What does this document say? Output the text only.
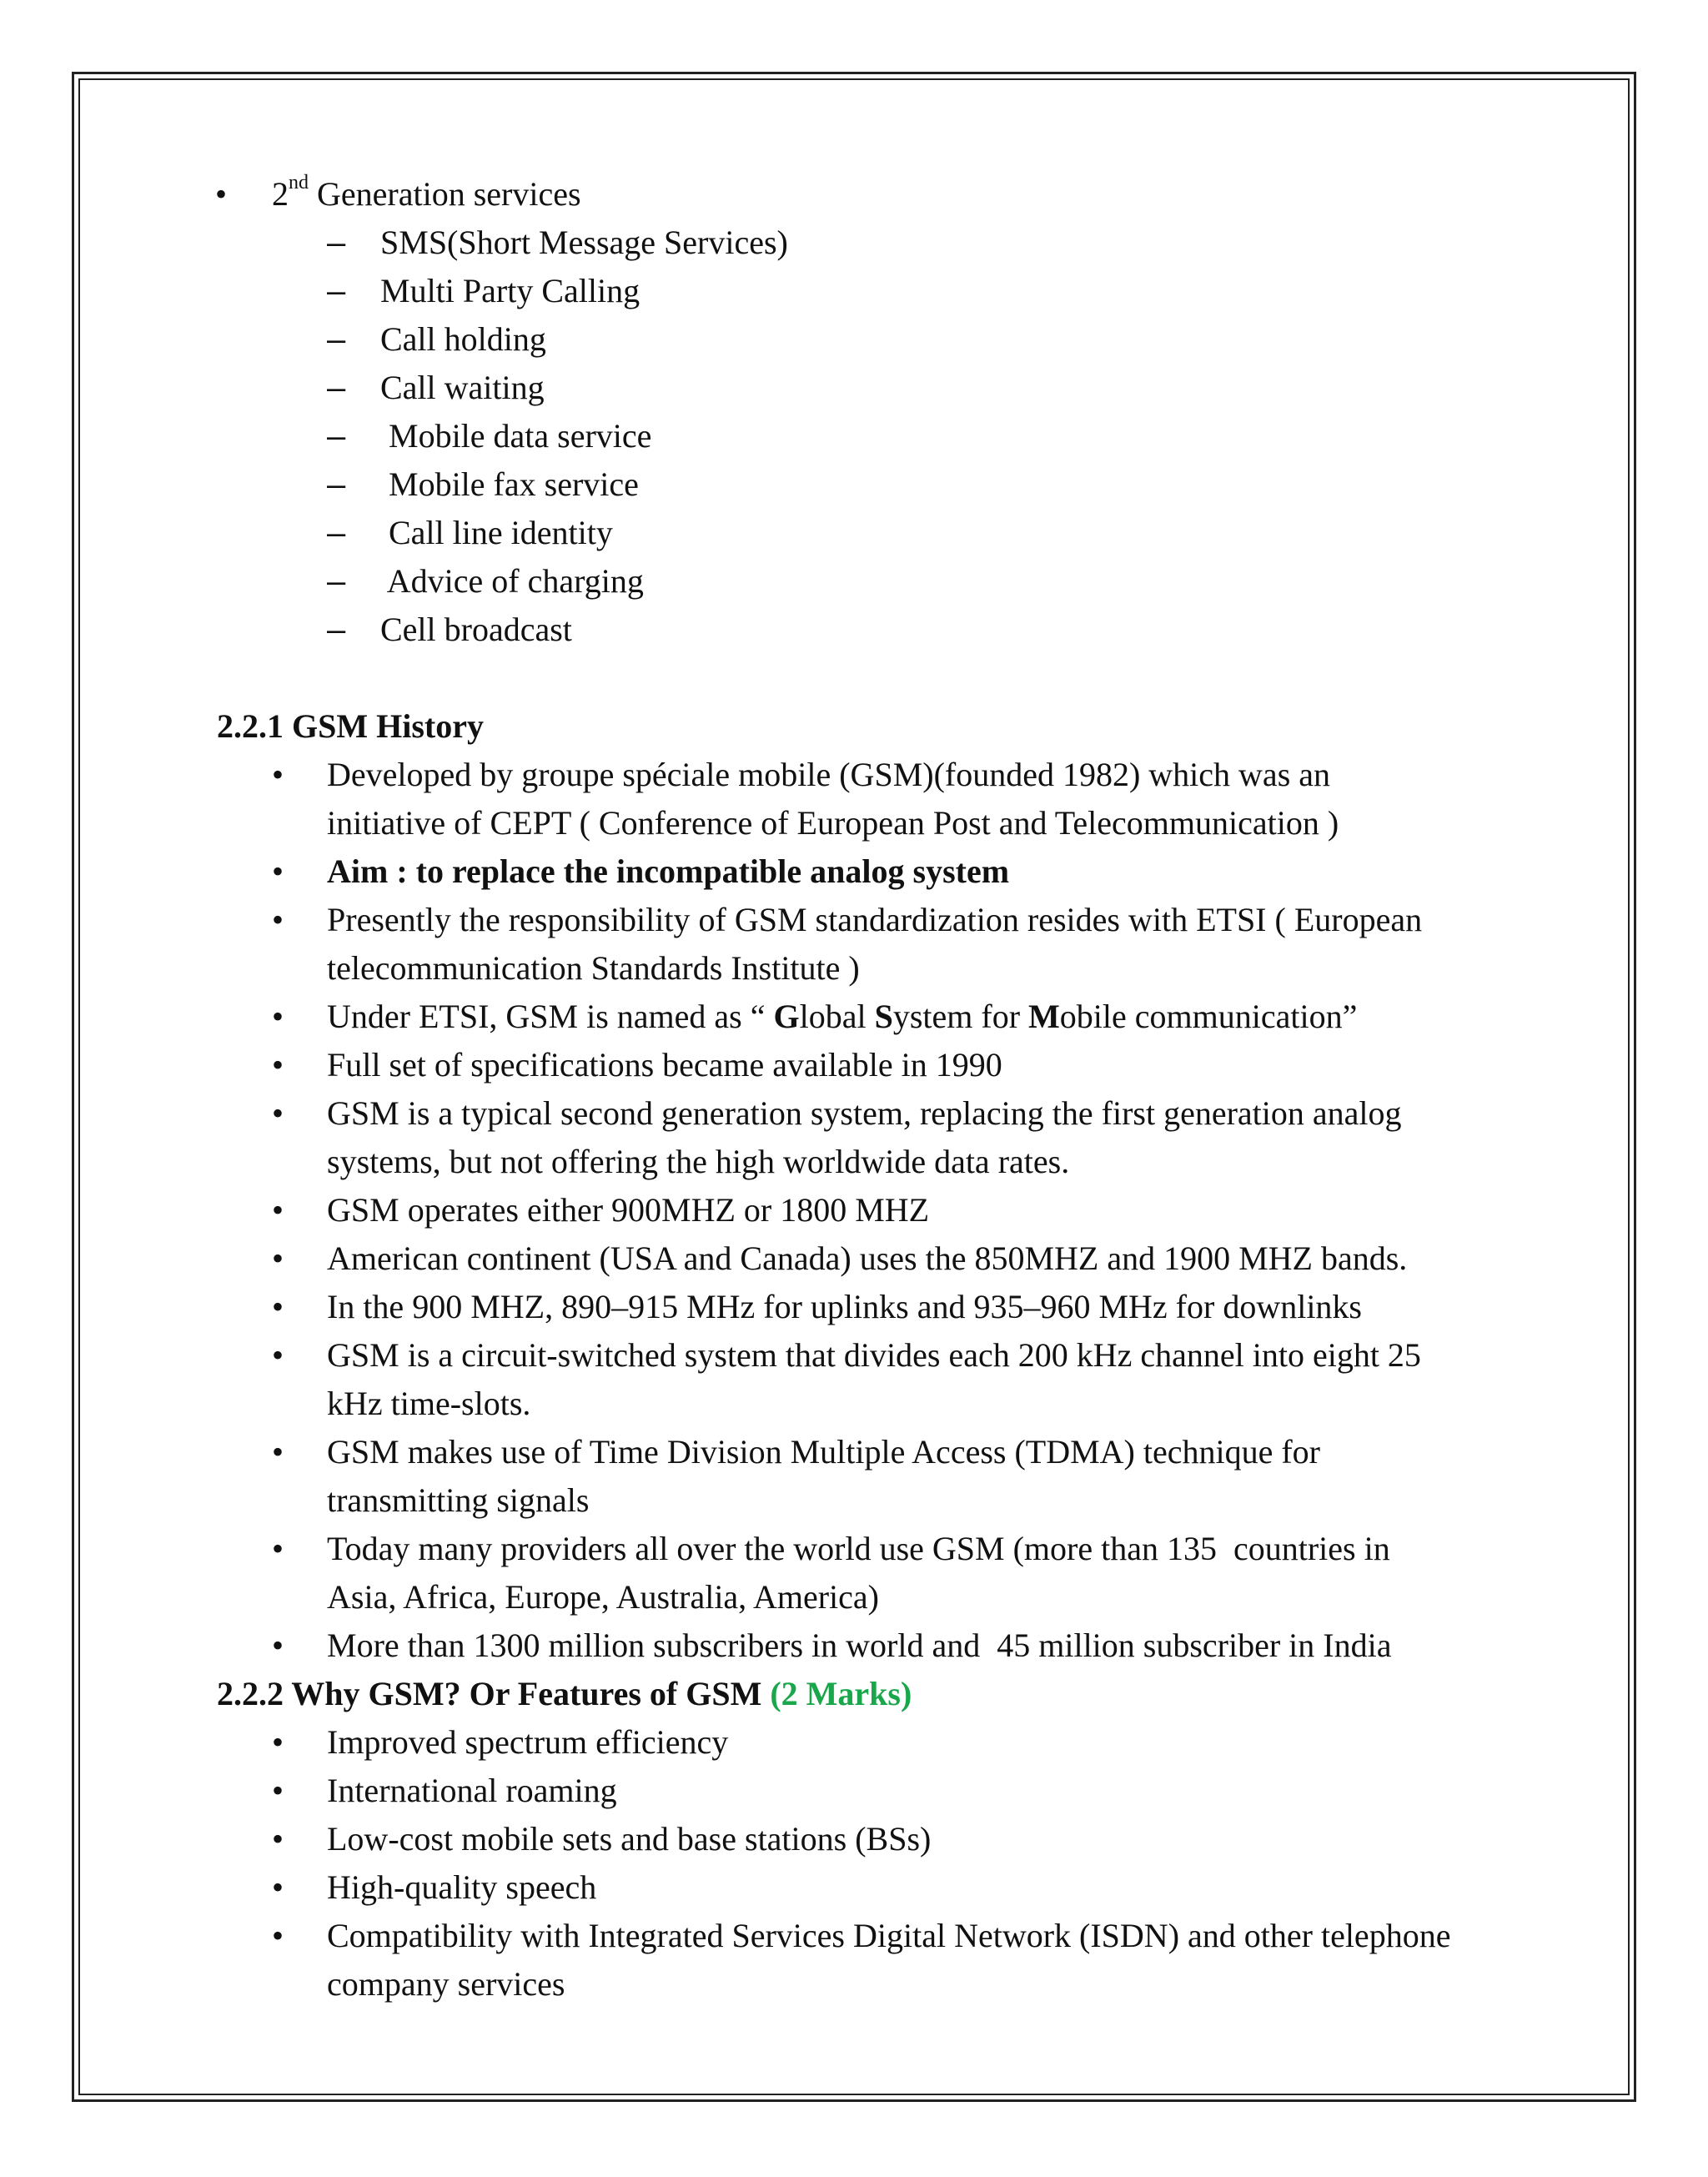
• 2nd Generation services
– SMS(Short Message Services)
– Multi Party Calling
– Call holding
– Call waiting
– Mobile data service
– Mobile fax service
– Call line identity
– Advice of charging
– Cell broadcast
2.2.1 GSM History
• Developed by groupe spéciale mobile (GSM)(founded 1982) which was an
initiative of CEPT ( Conference of European Post and Telecommunication )
• Aim : to replace the incompatible analog system
• Presently the responsibility of GSM standardization resides with ETSI ( European
telecommunication Standards Institute )
• Under ETSI, GSM is named as “ Global System for Mobile communication”
• Full set of specifications became available in 1990
• GSM is a typical second generation system, replacing the first generation analog
systems, but not offering the high worldwide data rates.
• GSM operates either 900MHZ or 1800 MHZ
• American continent (USA and Canada) uses the 850MHZ and 1900 MHZ bands.
• In the 900 MHZ, 890–915 MHz for uplinks and 935–960 MHz for downlinks
• GSM is a circuit-switched system that divides each 200 kHz channel into eight 25
kHz time-slots.
• GSM makes use of Time Division Multiple Access (TDMA) technique for
transmitting signals
• Today many providers all over the world use GSM (more than 135  countries in
Asia, Africa, Europe, Australia, America)
• More than 1300 million subscribers in world and  45 million subscriber in India
2.2.2 Why GSM? Or Features of GSM (2 Marks)
• Improved spectrum efficiency
• International roaming
• Low-cost mobile sets and base stations (BSs)
• High-quality speech
• Compatibility with Integrated Services Digital Network (ISDN) and other telephone
company services
